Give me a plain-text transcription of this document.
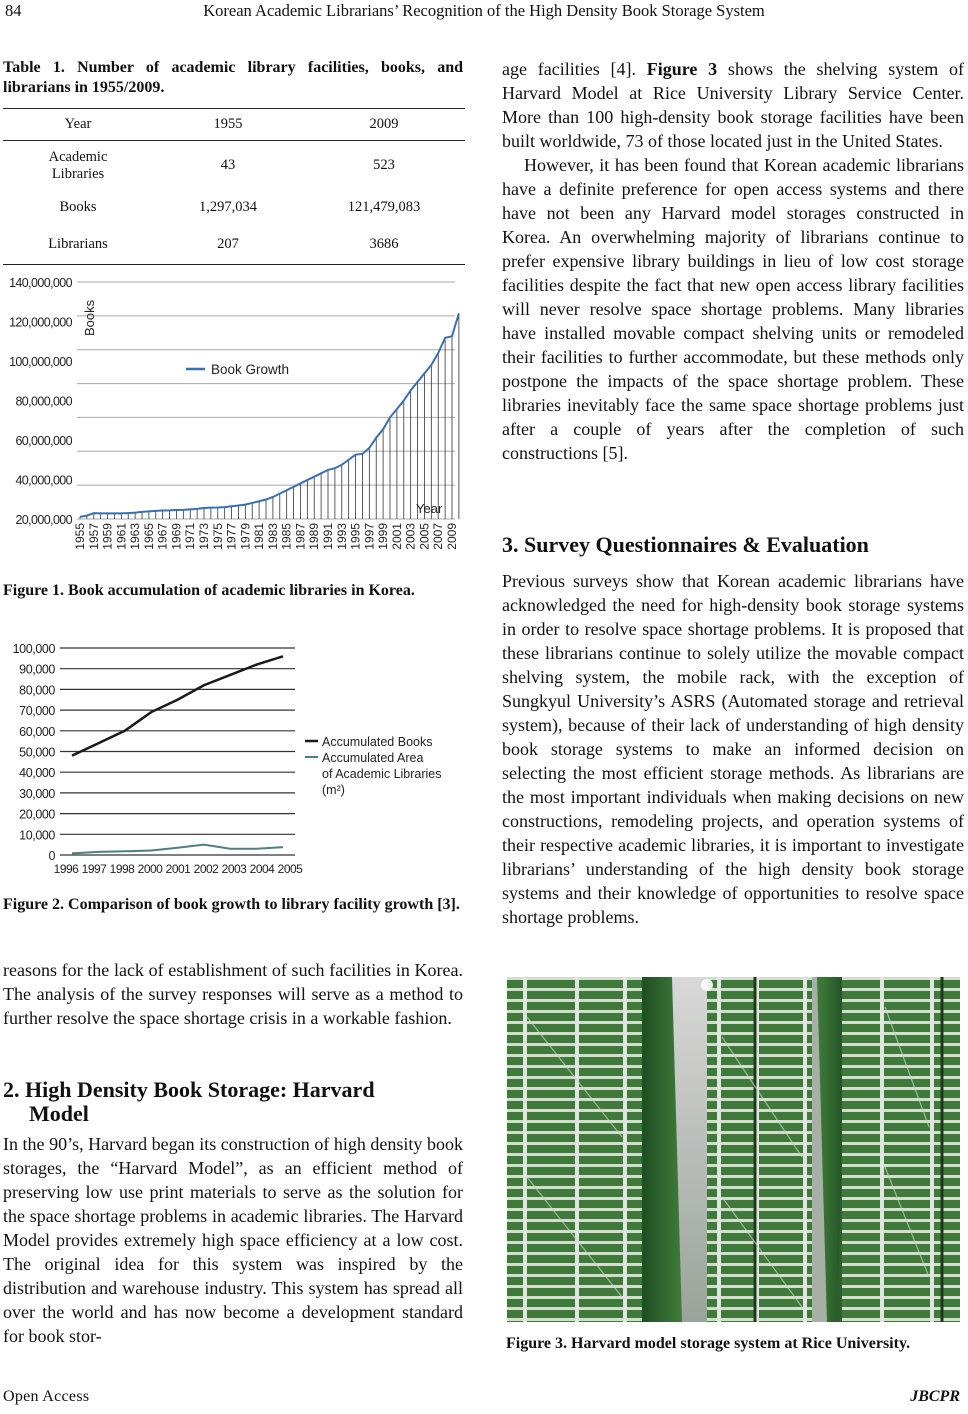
84	Korean Academic Librarians’ Recognition of the High Density Book Storage System
Table 1. Number of academic library facilities, books, and librarians in 1955/2009.
Year	1955	2009

Academic
Libraries	43	523
Books	1,297,034	121,479,083
Librarians	207	3686
140,000,000
120,000,000
100,000,000
80,000,000
60,000,000
40,000,000
20,000,000
1955 1957 1959 1961 1963 1965 1967 1969 1971 1973 1975 1977 1979 1981 1983 1985 1987 1989 1991 1993 1995 1997 1999 2001 2003 2005 2007 2009
Books
Year
Book Growth
Figure 1. Book accumulation of academic libraries in Korea.
0
10,000
20,000
30,000
40,000
50,000
60,000
70,000
80,000
90,000
100,000
1996 1997 1998 2000 2001 2002 2003 2004 2005
Accumulated Books
Accumulated Area
of Academic Libraries
(m²)
Figure 2. Comparison of book growth to library facility growth [3].

reasons for the lack of establishment of such facilities in Korea. The analysis of the survey responses will serve as a method to further resolve the space shortage crisis in a workable fashion.

2. High Density Book Storage: Harvard
Model

In the 90’s, Harvard began its construction of high density book storages, the “Harvard Model”, as an efficient method of preserving low use print materials to serve as the solution for the space shortage problems in academic libraries. The Harvard Model provides extremely high space efficiency at a low cost. The original idea for this system was inspired by the distribution and warehouse industry. This system has spread all over the world and has now become a development standard for book stor-

age facilities [4]. Figure 3 shows the shelving system of Harvard Model at Rice University Library Service Center. More than 100 high-density book storage facilities have been built worldwide, 73 of those located just in the United States.

However, it has been found that Korean academic librarians have a definite preference for open access systems and there have not been any Harvard model storages constructed in Korea. An overwhelming majority of librarians continue to prefer expensive library buildings in lieu of low cost storage facilities despite the fact that new open access library facilities will never resolve space shortage problems. Many libraries have installed movable compact shelving units or remodeled their facilities to further accommodate, but these methods only postpone the impacts of the space shortage problem. These libraries inevitably face the same space shortage problems just after a couple of years after the completion of such constructions [5].

3. Survey Questionnaires & Evaluation

Previous surveys show that Korean academic librarians have acknowledged the need for high-density book storage systems in order to resolve space shortage problems. It is proposed that these librarians continue to solely utilize the movable compact shelving system, the mobile rack, with the exception of Sungkyul University’s ASRS (Automated storage and retrieval system), because of their lack of understanding of high density book storage systems to make an informed decision on selecting the most efficient storage methods. As librarians are the most important individuals when making decisions on new constructions, remodeling projects, and operation systems of their respective academic libraries, it is important to investigate librarians’ understanding of the high density book storage systems and their knowledge of opportunities to resolve space shortage problems.

Figure 3. Harvard model storage system at Rice University.
Open Access	JBCPR
